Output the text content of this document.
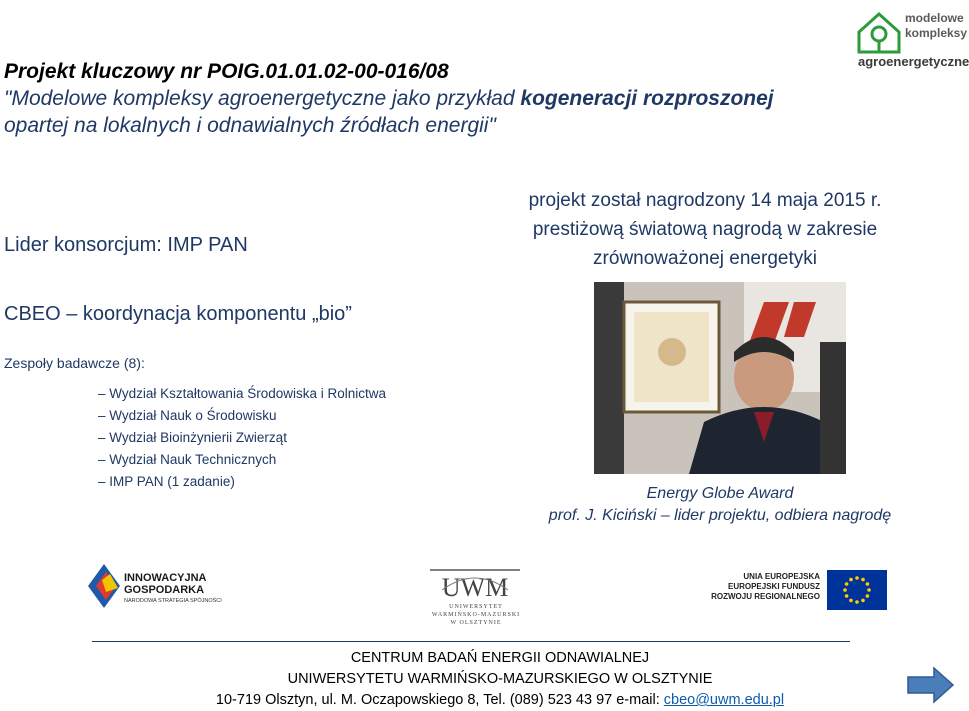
Projekt kluczowy nr POIG.01.01.02-00-016/08
"Modelowe kompleksy agroenergetyczne jako przykład kogeneracji rozproszonej
opartej na lokalnych i odnawialnych źródłach energii"
modelowe
kompleksy
agroenergetyczne
Lider konsorcjum: IMP PAN
CBEO – koordynacja komponentu „bio”
Zespoły badawcze (8):
– Wydział Kształtowania Środowiska i Rolnictwa
– Wydział Nauk o Środowisku
– Wydział Bioinżynierii Zwierząt
– Wydział Nauk Technicznych
– IMP PAN (1 zadanie)
projekt został nagrodzony 14 maja 2015 r.
prestiżową światową nagrodą w zakresie
zrównoważonej energetyki
Energy Globe Award
prof. J. Kiciński – lider projektu, odbiera nagrodę
INNOWACYJNA
GOSPODARKA
NARODOWA STRATEGIA SPÓJNOŚCI	UWM
UNIWERSYTET
WARMIŃSKO-MAZURSKI
W OLSZTYNIE
UNIA EUROPEJSKA
EUROPEJSKI FUNDUSZ
ROZWOJU REGIONALNEGO
CENTRUM BADAŃ ENERGII ODNAWIALNEJ
UNIWERSYTETU WARMIŃSKO-MAZURSKIEGO W OLSZTYNIE
10-719 Olsztyn, ul. M. Oczapowskiego 8, Tel. (089) 523 43 97 e-mail: cbeo@uwm.edu.pl
